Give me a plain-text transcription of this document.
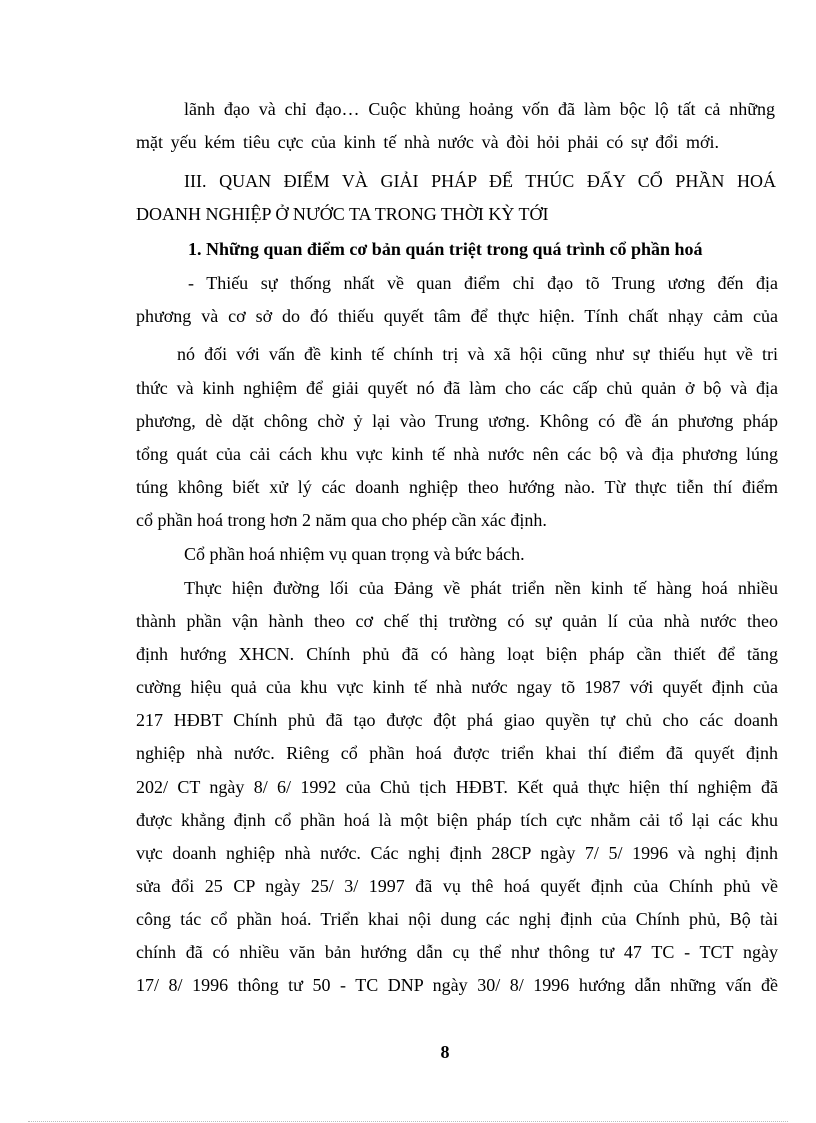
lãnh đạo và chỉ đạo… Cuộc khủng hoảng vốn đã làm bộc lộ tất cả những
mặt yếu kém tiêu cực của kinh tế nhà nước và đòi hỏi phải có sự đổi mới.
III. QUAN ĐIỂM VÀ GIẢI PHÁP ĐỂ THÚC ĐẨY CỔ PHẦN HOÁ
DOANH NGHIỆP Ở NƯỚC TA TRONG THỜI KỲ TỚI
1. Những quan điểm cơ bản quán triệt trong quá trình cổ phần hoá
- Thiếu sự thống nhất về quan điểm chỉ đạo tõ Trung ương đến địa
phương và cơ sở do đó thiếu quyết tâm để thực hiện. Tính chất nhạy cảm của
nó đối với vấn đề kinh tế chính trị và xã hội cũng như sự thiếu hụt về tri
thức và kinh nghiệm để giải quyết nó đã làm cho các cấp chủ quản ở bộ và địa
phương, dè dặt chông chờ ỷ lại vào Trung ương. Không có đề án phương pháp
tổng quát của cải cách khu vực kinh tế nhà nước nên các bộ và địa phương lúng
túng không biết xử lý các doanh nghiệp theo hướng nào. Từ thực tiễn thí điểm
cổ phần hoá trong hơn 2 năm qua cho phép cần xác định.
Cổ phần hoá nhiệm vụ quan trọng và bức bách.
Thực hiện đường lối của Đảng về phát triển nền kinh tế hàng hoá nhiều
thành phần vận hành theo cơ chế thị trường có sự quản lí của nhà nước theo
định hướng XHCN. Chính phủ đã có hàng loạt biện pháp cần thiết để tăng
cường hiệu quả của khu vực kinh tế nhà nước ngay tõ 1987 với quyết định của
217 HĐBT Chính phủ đã tạo được đột phá giao quyền tự chủ cho các doanh
nghiệp nhà nước. Riêng cổ phần hoá được triển khai thí điểm đã quyết định
202/ CT ngày 8/ 6/ 1992 của Chủ tịch HĐBT. Kết quả thực hiện thí nghiệm đã
được khẳng định cổ phần hoá là một biện pháp tích cực nhằm cải tổ lại các khu
vực doanh nghiệp nhà nước. Các nghị định 28CP ngày 7/ 5/ 1996 và nghị định
sửa đổi 25 CP ngày 25/ 3/ 1997 đã vụ thê hoá quyết định của Chính phủ về
công tác cổ phần hoá. Triển khai nội dung các nghị định của Chính phủ, Bộ tài
chính đã có nhiều văn bản hướng dẫn cụ thể như thông tư 47 TC - TCT ngày
17/ 8/ 1996 thông tư 50 - TC DNP ngày 30/ 8/ 1996 hướng dẫn những vấn đề
8
